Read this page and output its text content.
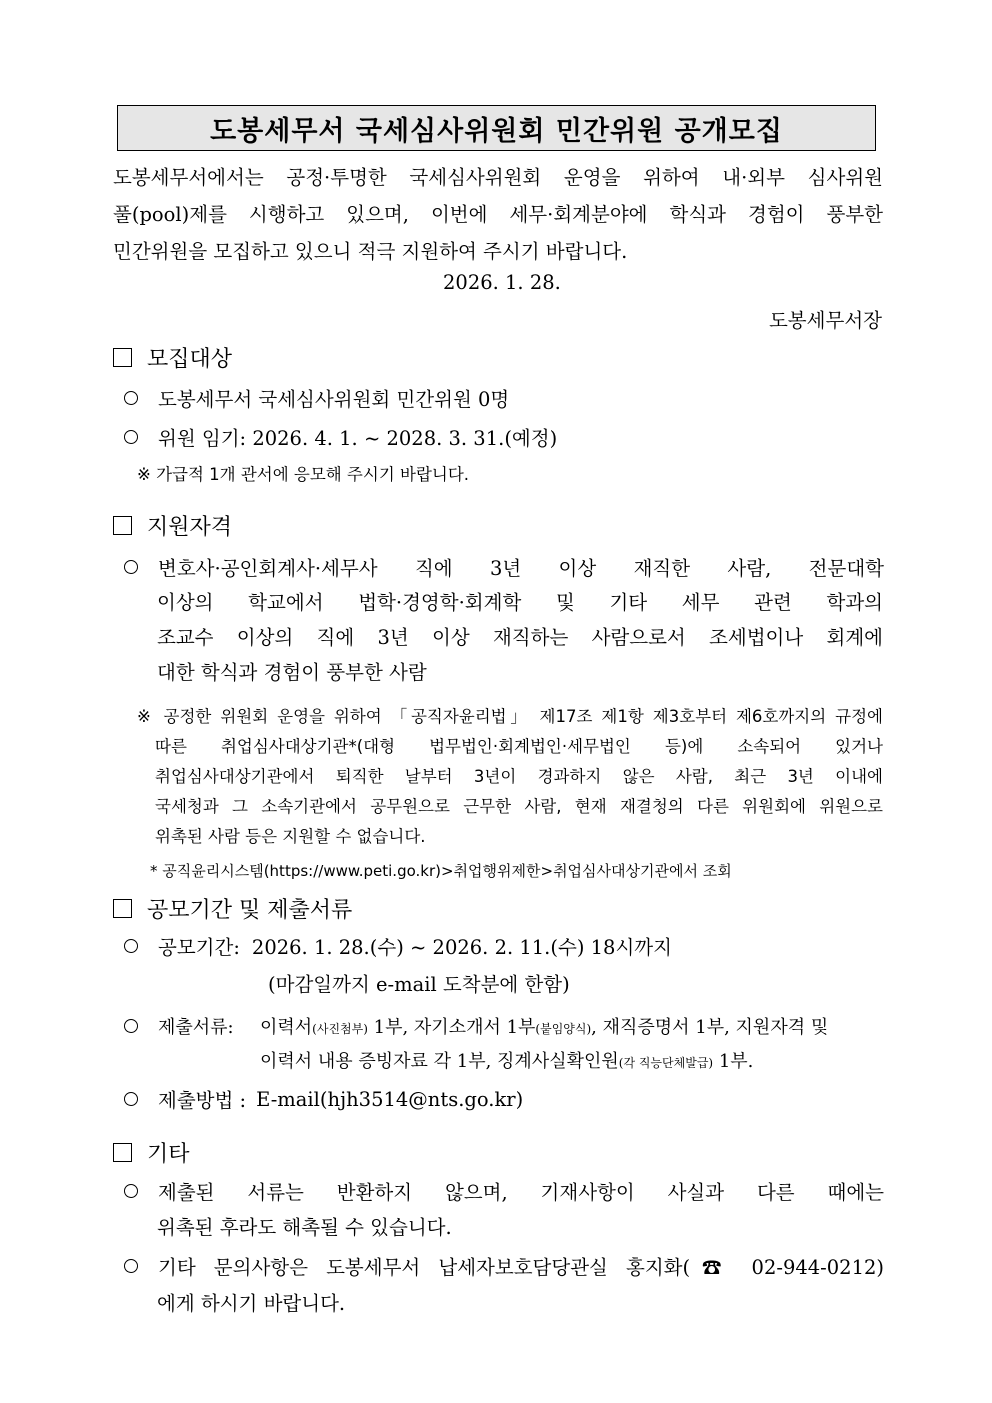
도봉세무서 국세심사위원회 민간위원 공개모집
도봉세무서에서는 공정·투명한 국세심사위원회 운영을 위하여 내·외부 심사위원
풀(pool)제를 시행하고 있으며, 이번에 세무·회계분야에 학식과 경험이 풍부한
민간위원을 모집하고 있으니 적극 지원하여 주시기 바랍니다.
2026. 1. 28.
도봉세무서장
모집대상
도봉세무서 국세심사위원회 민간위원 0명
위원 임기: 2026. 4. 1. ~ 2028. 3. 31.(예정)
※ 가급적 1개 관서에 응모해 주시기 바랍니다.
지원자격
변호사·공인회계사·세무사 직에 3년 이상 재직한 사람, 전문대학
이상의 학교에서 법학·경영학·회계학 및 기타 세무 관련 학과의
조교수 이상의 직에 3년 이상 재직하는 사람으로서 조세법이나 회계에
대한 학식과 경험이 풍부한 사람
※ 공정한 위원회 운영을 위하여 「공직자윤리법」 제17조 제1항 제3호부터 제6호까지의 규정에
따른 취업심사대상기관*(대형 법무법인·회계법인·세무법인 등)에 소속되어 있거나
취업심사대상기관에서 퇴직한 날부터 3년이 경과하지 않은 사람, 최근 3년 이내에
국세청과 그 소속기관에서 공무원으로 근무한 사람, 현재 재결청의 다른 위원회에 위원으로
위촉된 사람 등은 지원할 수 없습니다.
* 공직윤리시스템(https://www.peti.go.kr)>취업행위제한>취업심사대상기관에서 조회
공모기간 및 제출서류
공모기간: 2026. 1. 28.(수) ~ 2026. 2. 11.(수) 18시까지
(마감일까지 e-mail 도착분에 한함)
제출서류: 이력서(사진첨부) 1부, 자기소개서 1부(붙임양식), 재직증명서 1부, 지원자격 및
이력서 내용 증빙자료 각 1부, 징계사실확인원(각 직능단체발급) 1부.
제출방법 : E-mail(hjh3514@nts.go.kr)
기타
제출된 서류는 반환하지 않으며, 기재사항이 사실과 다른 때에는
위촉된 후라도 해촉될 수 있습니다.
기타 문의사항은 도봉세무서 납세자보호담당관실 홍지화(☎ 02-944-0212)
에게 하시기 바랍니다.
